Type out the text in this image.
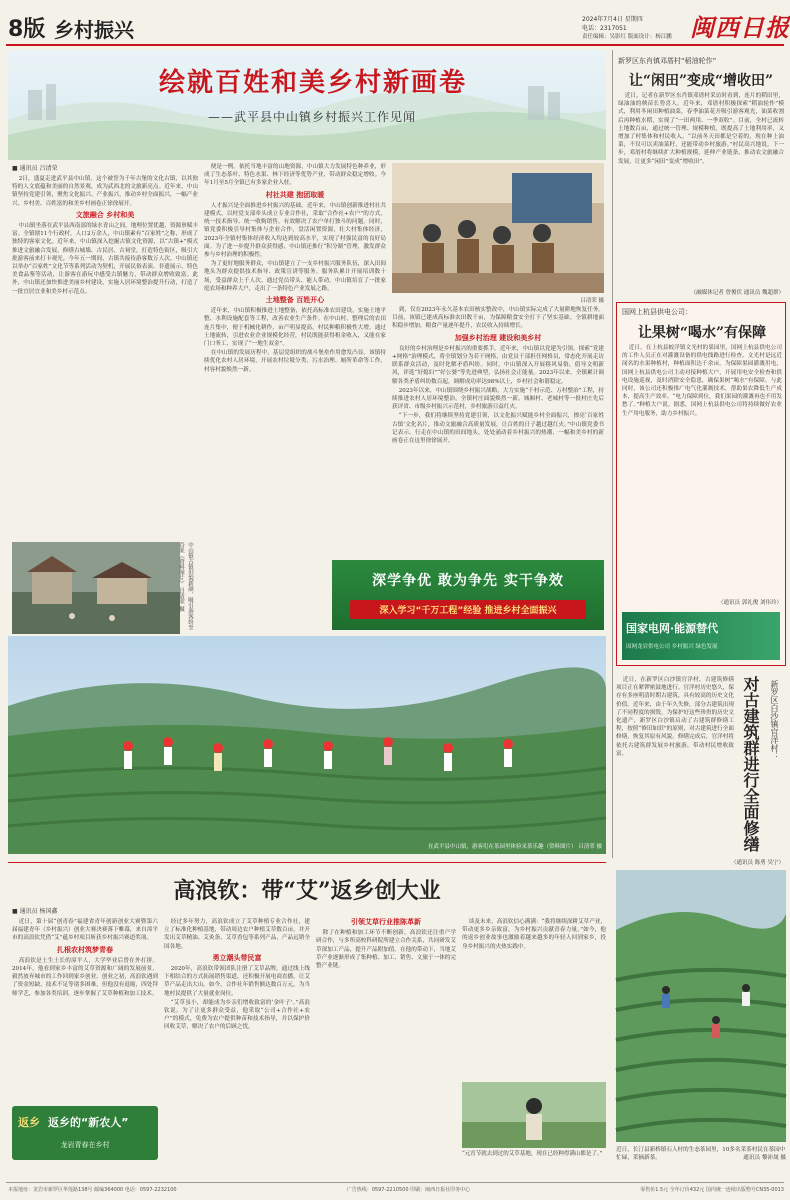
8版 乡村振兴	2024年7月4日 星期四
电话：2317051
责任编辑：吴影红 版面设计：杨江鹏 闽西日报
绘就百姓和美乡村新画卷
——武平县中山镇乡村振兴工作见闻
■ 通讯员 吕清荣

2日，盛夏走进武平县中山镇，这个被誉为千年古堡的文化古镇，以其独特的人文底蕴和美丽的自然景观，成为武西北的文旅新亮点。近年来，中山镇坚持党建引领，聚焦文化振兴、产业振兴，推动乡村全面振兴，一幅产业兴、乡村美、百姓富的和美乡村画卷正徐徐展开。

文旅融合 乡村和美

中山镇坐落在武平县西南部的绿水青山之间，地理位置优越，资源禀赋丰富。全镇辖11个行政村，人口2万余人，中山镇素有“百家姓”之称，形成了独特的客家文化。近年来，中山镇深入挖掘古镇文化资源，以“古镇+”模式推进文旅融合发展，修缮古城墙、古民居、古祠堂，打造特色街区，吸引大批游客前来打卡观光。今年五一期间，古镇共接待游客数万人次。中山镇还以举办“百家姓”文化节等系列活动为契机，开展民俗表演、非遗展示、特色美食品鉴等活动，让游客在游玩中感受古镇魅力，带动群众增收致富。此外，中山镇还加快推进美丽乡村建设，实施人居环境整治提升行动，打造了一批宜居宜业和美乡村示范点。

中山镇古镇旧貌新颜，吸引游客纷至沓来（资料图片） 吕清荣 摄

便是一例。依托当地丰富的山地资源，中山镇大力发展特色种养业，形成了生态茶叶、特色水果、林下经济等优势产业，带动群众稳定增收。今年1月至5月全镇已有多家企业入驻。

村社共建 抱团取暖

人才振兴是全面推进乡村振兴的基础。近年来，中山镇创新推进村社共建模式，以村党支部牵头成立专业合作社，采取“合作社+农户”的方式，统一技术指导、统一收购销售，有效解决了农户单打独斗的问题。同时，镇党委积极引导村集体与企业合作，盘活闲置资源，壮大村集体经济，2023年全镇村集体经济收入均达到较高水平，实现了村强民富的良好局面。为了进一步提升群众获得感，中山镇还推行“积分制”管理，激发群众参与乡村治理的积极性。

为了更好地服务群众，中山镇建立了一支乡村振兴服务队伍，深入田间地头为群众提供技术指导、政策宣讲等服务。服务队累计开展培训数十场，受益群众上千人次。通过党员带头、能人带动，中山镇培育了一批家庭农场和种养大户，走出了一条特色产业发展之路。

土地整备 百姓开心

近年来，中山镇积极推进土地整备，依托高标准农田建设，实施土地平整、水利设施配套等工程，改善农业生产条件。在中山村，整理后的农田连片集中，便于机械化耕作，亩产明显提高，村民种粮积极性大增。通过土地流转，引进农业企业规模化经营，村民既能获得租金收入，又能在家门口务工，实现了“一地生双金”。

在中山镇的发展历程中，基层党组织的战斗堡垒作用愈发凸显。该镇持续优化农村人居环境，开展农村垃圾分类、污水治理、厕所革命等工作，村容村貌焕然一新。

吕清荣 摄

到，仅在2023年永久基本农田核实整改中，中山镇实际完成了大量耕地恢复任务。目前，该镇已建成高标准农田数千亩，为保障粮食安全打下了坚实基础。全镇耕地面积稳步增加，粮食产量逐年提升，农民收入持续增长。

加强乡村治理 建设和美乡村

良好的乡村治理是乡村振兴的重要抓手。近年来，中山镇以党建为引领，探索“党建+网格”治理模式，将全镇划分为若干网格，由党员干部担任网格员，常态化开展走访联系群众活动，及时化解矛盾纠纷。同时，中山镇深入开展移风易俗，倡导文明新风，评选“好媳妇”“好公婆”等先进典型，弘扬社会正能量。2023年以来，全镇累计调解各类矛盾纠纷数百起，调解成功率达98%以上，乡村社会和谐稳定。

2023年以来，中山镇围绕乡村振兴战略，大力实施“千村示范、万村整治”工程，持续推进农村人居环境整治，全镇村庄面貌焕然一新。城厢村、老城村等一批村庄先后获评省、市级乡村振兴示范村，乡村旅游日益红火。

“下一步，我们将继续坚持党建引领，以文化振兴赋能乡村全面振兴，擦亮‘百家姓古镇’文化名片，推动文旅融合高质量发展，让百姓的日子越过越红火。”中山镇党委书记表示。行走在中山镇的田间地头，处处涌动着乡村振兴的热潮，一幅和美乡村的新画卷正在这里徐徐展开。

深学争优 敢为争先 实干争效
深入学习“千万工程”经验 推进乡村全面振兴
在武平县中山镇，游客们在茶园里体验采茶乐趣（资料图片） 吕清荣 摄
新罗区东肖镇邓厝村“稻油轮作”
让“闲田”变成“增收田”

近日，记者在新罗区东肖镇邓厝村采访时看到，连片的稻田里，绿油油的秧苗长势喜人。近年来，邓厝村积极探索“稻油轮作”模式，利用冬闲田种植油菜，春季油菜花开吸引游客观光，油菜收割后再种植水稻，实现了“一田两用、一季双收”。目前，全村已流转土地数百亩，通过统一管理、规模种植，既提高了土地利用率，又增加了村集体和村民收入。“以前冬天田都是空着的，现在种上油菜，不仅可以卖油菜籽，还能带动乡村旅游。”村民高兴地说。下一步，邓厝村将继续扩大种植规模，延伸产业链条，推动农文旅融合发展，让更多“闲田”变成“增收田”。

（融媒体记者 曾俊伏 通讯员 魏超群）
国网上杭县供电公司：
让果树“喝水”有保障

近日，在上杭县蛟洋镇文光村的果园里，国网上杭县供电公司的工作人员正在对灌溉设备的供电线路进行检查。文光村是远近闻名的水果种植村，种植面积达千余亩。为保障果园灌溉用电，国网上杭县供电公司主动对接种植大户，开展用电安全检查和供电设施巡视，及时消除安全隐患，确保果树“喝水”有保障。与此同时，该公司还积极推广电气化灌溉技术，帮助果农降低生产成本，提高生产效率。“电力保障到位，我们果园的灌溉再也不用发愁了。”种植大户说。据悉，国网上杭县供电公司将持续做好农业生产用电服务，助力乡村振兴。

（通讯员 郭礼俊 刘伟玲）
国家电网·能源替代
国网龙岩供电公司 乡村振兴 绿色发展

近日，在新罗区白沙镇官洋村，古建筑修缮项目正在紧锣密鼓地进行。官洋村历史悠久，保存有多座明清时期古建筑，具有较高的历史文化价值。近年来，由于年久失修，部分古建筑出现了不同程度的损毁。为保护好这些珍贵的历史文化遗产，新罗区白沙镇启动了古建筑群修缮工程，按照“修旧如旧”的原则，对古建筑进行全面修缮，恢复其原有风貌。修缮完成后，官洋村将依托古建筑群发展乡村旅游，带动村民增收致富。	对古建筑群进行全面修缮	新罗区白沙镇官洋村：
（通讯员 陈勇 吴宁）
近日，长汀县新桥镇石人村的生态茶园里，10多名采茶村民在茶园中忙碌，采摘新茶。	通讯员 黎沛晟 摄
高浪钦：带“艾”返乡创大业
■ 通讯员 杨国鑫

近日，第十届“创青春”福建省青年创新创业大赛暨第六届福建青年（乡村振兴）创业大赛决赛落下帷幕，来自漳平市的高浪钦凭借“艾”蕴乡村项目斩获乡村振兴赛道奖项。

扎根农村筑梦青春

高浪钦是土生土长的漳平人，大学毕业后曾在外打拼。2014年，他看到家乡丰富的艾草资源和广阔的发展前景，毅然放弃城市的工作回到家乡创业。创业之初，高浪钦遇到了资金短缺、技术不足等诸多困难，但他没有退缩，四处拜师学艺，参加各类培训，逐步掌握了艾草种植和加工技术。

返乡 返乡的“新农人”
龙岩青春在乡村

经过多年努力，高浪钦成立了艾草种植专业合作社，建立了标准化种植基地，带动周边农户种植艾草数百亩，并开发出艾草精油、艾灸条、艾草香包等系列产品，产品远销全国各地。

勇立潮头带民富

2020年，高浪钦带领团队注册了艾草品牌，通过线上线下相结合的方式拓展销售渠道，还积极开展电商直播，让艾草产品走出大山。如今，合作社年销售额达数百万元，为当地村民提供了大量就业岗位。

“艾草虽小，却能成为乡亲们增收致富的‘金叶子’。”高浪钦说。为了让更多群众受益，他采取“公司+合作社+农户”的模式，免费为农户提供种苗和技术指导，并以保护价回收艾草，解决了农户的后顾之忧。

引领艾草行业推陈革新

除了在种植和加工环节不断创新，高浪钦还注重产学研合作，与多所高校科研院所建立合作关系，共同研发艾草深加工产品，提升产品附加值。在他的带动下，当地艾草产业逐渐形成了集种植、加工、销售、文旅于一体的完整产业链。

谈及未来，高浪钦信心满满：“我将继续深耕艾草产业，带动更多乡亲致富，为乡村振兴贡献青春力量。”如今，他的返乡创业故事也激励着越来越多的年轻人回到家乡，投身乡村振兴的火热实践中。

“元宵节就去到过的艾草基地，现在已经种得满山都是了。”
本报地址：龙岩市新罗区华莲路138号 邮编364000 电话：0597-2232100	广告热线：0597-2210500 印刷：闽西日报社印务中心	零售价1.5元 全年订价432元 国内统一连续出版物号CN35-0013
